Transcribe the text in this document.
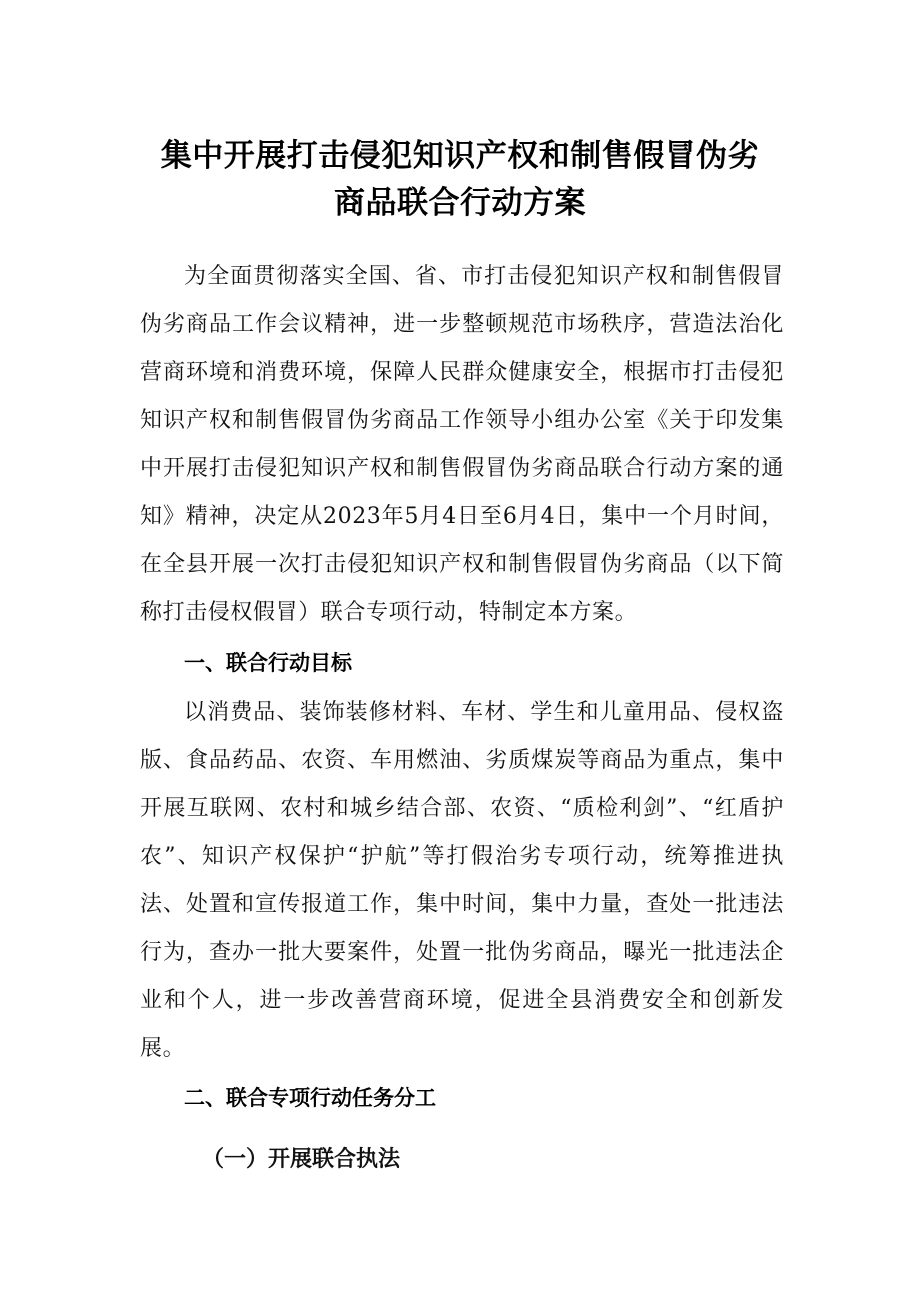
集中开展打击侵犯知识产权和制售假冒伪劣
商品联合行动方案

为全面贯彻落实全国、省、市打击侵犯知识产权和制售假冒伪劣商品工作会议精神，进一步整顿规范市场秩序，营造法治化营商环境和消费环境，保障人民群众健康安全，根据市打击侵犯知识产权和制售假冒伪劣商品工作领导小组办公室《关于印发集中开展打击侵犯知识产权和制售假冒伪劣商品联合行动方案的通知》精神，决定从2023年5月4日至6月4日，集中一个月时间，在全县开展一次打击侵犯知识产权和制售假冒伪劣商品（以下简称打击侵权假冒）联合专项行动，特制定本方案。

一、联合行动目标

以消费品、装饰装修材料、车材、学生和儿童用品、侵权盗版、食品药品、农资、车用燃油、劣质煤炭等商品为重点，集中开展互联网、农村和城乡结合部、农资、“质检利剑”、“红盾护农”、知识产权保护“护航”等打假治劣专项行动，统筹推进执法、处置和宣传报道工作，集中时间，集中力量，查处一批违法行为，查办一批大要案件，处置一批伪劣商品，曝光一批违法企业和个人，进一步改善营商环境，促进全县消费安全和创新发展。

二、联合专项行动任务分工
（一）开展联合执法
